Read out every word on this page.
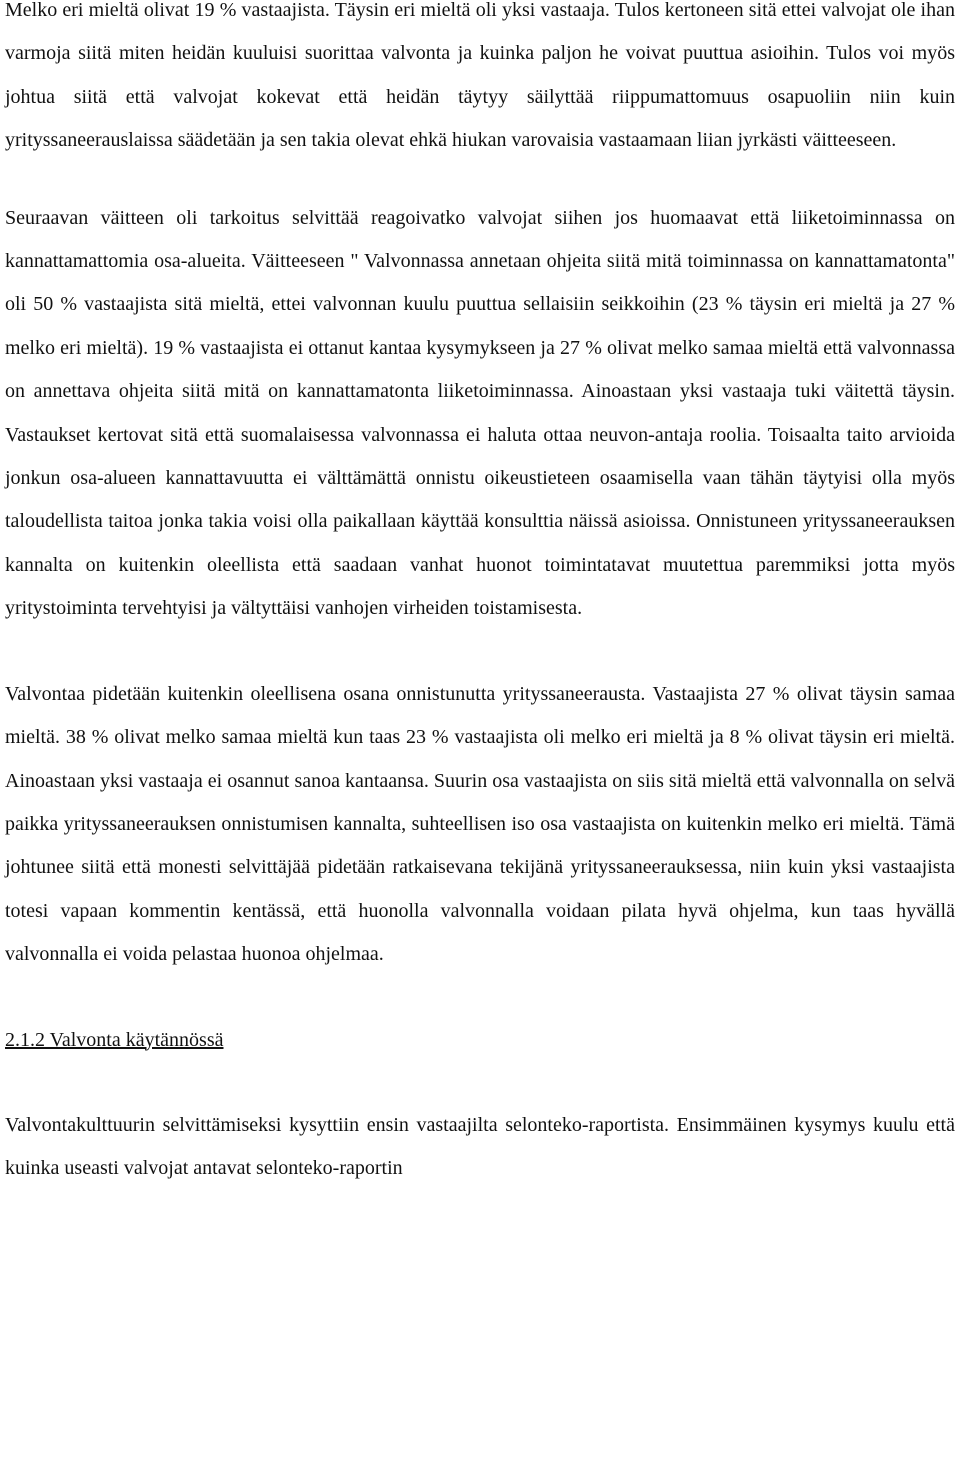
Melko eri mieltä olivat 19 % vastaajista. Täysin eri mieltä oli yksi vastaaja. Tulos kertoneen sitä ettei valvojat ole ihan varmoja siitä miten heidän kuuluisi suorittaa valvonta ja kuinka paljon he voivat puuttua asioihin. Tulos voi myös johtua siitä että valvojat kokevat että heidän täytyy säilyttää riippumattomuus osapuoliin niin kuin yrityssaneerauslaissa säädetään ja sen takia olevat ehkä hiukan varovaisia vastaamaan liian jyrkästi väitteeseen.

Seuraavan väitteen oli tarkoitus selvittää reagoivatko valvojat siihen jos huomaavat että liiketoiminnassa on kannattamattomia osa-alueita. Väitteeseen " Valvonnassa annetaan ohjeita siitä mitä toiminnassa on kannattamatonta" oli 50 % vastaajista sitä mieltä, ettei valvonnan kuulu puuttua sellaisiin seikkoihin (23 % täysin eri mieltä ja 27 % melko eri mieltä). 19 % vastaajista ei ottanut kantaa kysymykseen ja 27 % olivat melko samaa mieltä että valvonnassa on annettava ohjeita siitä mitä on kannattamatonta liiketoiminnassa. Ainoastaan yksi vastaaja tuki väitettä täysin. Vastaukset kertovat sitä että suomalaisessa valvonnassa ei haluta ottaa neuvon-antaja roolia. Toisaalta taito arvioida jonkun osa-alueen kannattavuutta ei välttämättä onnistu oikeustieteen osaamisella vaan tähän täytyisi olla myös taloudellista taitoa jonka takia voisi olla paikallaan käyttää konsulttia näissä asioissa. Onnistuneen yrityssaneerauksen kannalta on kuitenkin oleellista että saadaan vanhat huonot toimintatavat muutettua paremmiksi jotta myös yritystoiminta tervehtyisi ja vältyttäisi vanhojen virheiden toistamisesta.

Valvontaa pidetään kuitenkin oleellisena osana onnistunutta yrityssaneerausta. Vastaajista 27 % olivat täysin samaa mieltä. 38 % olivat melko samaa mieltä kun taas 23 % vastaajista oli melko eri mieltä ja 8 % olivat täysin eri mieltä. Ainoastaan yksi vastaaja ei osannut sanoa kantaansa. Suurin osa vastaajista on siis sitä mieltä että valvonnalla on selvä paikka yrityssaneerauksen onnistumisen kannalta, suhteellisen iso osa vastaajista on kuitenkin melko eri mieltä. Tämä johtunee siitä että monesti selvittäjää pidetään ratkaisevana tekijänä yrityssaneerauksessa, niin kuin yksi vastaajista totesi vapaan kommentin kentässä, että huonolla valvonnalla voidaan pilata hyvä ohjelma, kun taas hyvällä valvonnalla ei voida pelastaa huonoa ohjelmaa.

2.1.2 Valvonta käytännössä

Valvontakulttuurin selvittämiseksi kysyttiin ensin vastaajilta selonteko-raportista. Ensimmäinen kysymys kuulu että kuinka useasti valvojat antavat selonteko-raportin
